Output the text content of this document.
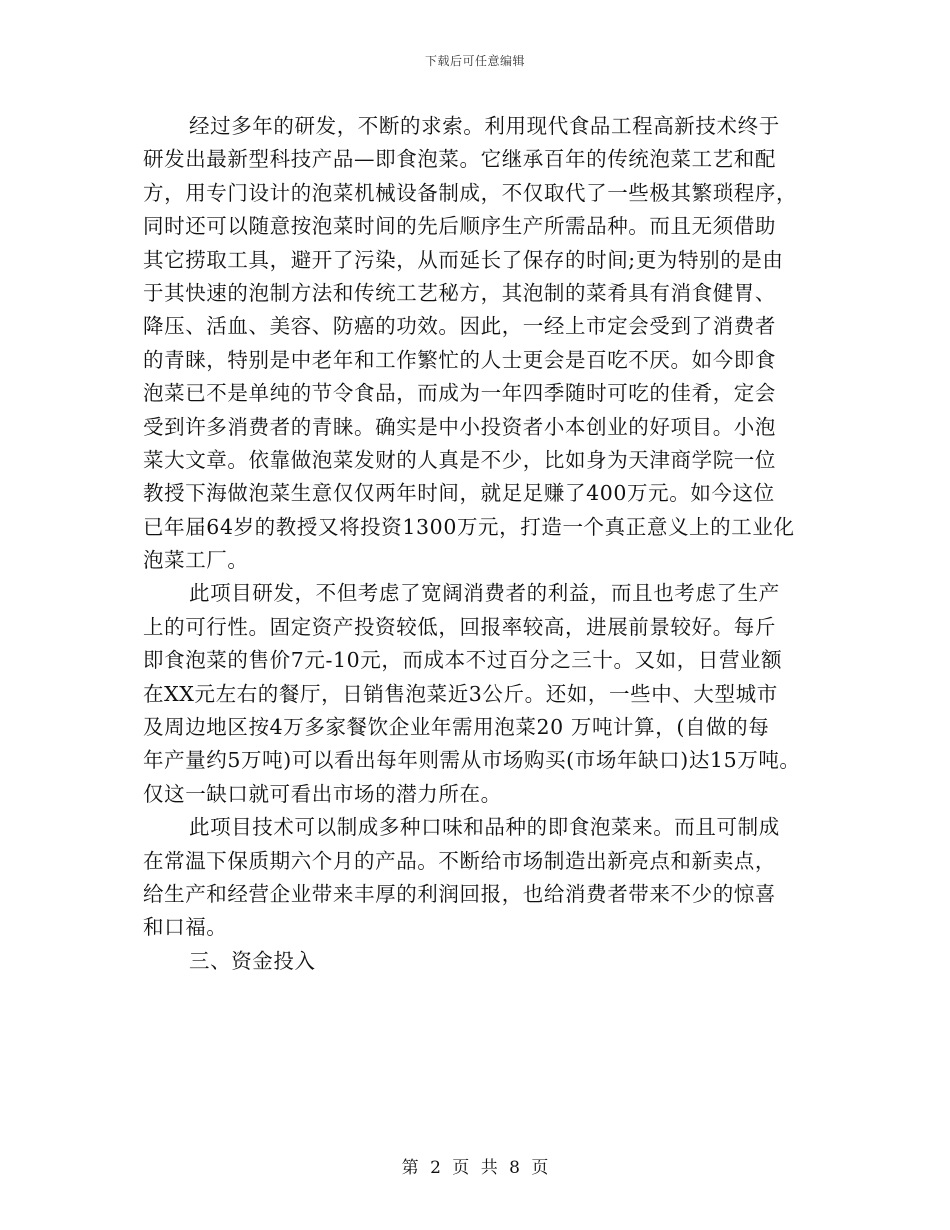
下载后可任意编辑
经过多年的研发，不断的求索。利用现代食品工程高新技术终于
研发出最新型科技产品—即食泡菜。它继承百年的传统泡菜工艺和配
方，用专门设计的泡菜机械设备制成，不仅取代了一些极其繁琐程序，
同时还可以随意按泡菜时间的先后顺序生产所需品种。而且无须借助
其它捞取工具，避开了污染，从而延长了保存的时间;更为特别的是由
于其快速的泡制方法和传统工艺秘方，其泡制的菜肴具有消食健胃、
降压、活血、美容、防癌的功效。因此，一经上市定会受到了消费者
的青睐，特别是中老年和工作繁忙的人士更会是百吃不厌。如今即食
泡菜已不是单纯的节令食品，而成为一年四季随时可吃的佳肴，定会
受到许多消费者的青睐。确实是中小投资者小本创业的好项目。小泡
菜大文章。依靠做泡菜发财的人真是不少，比如身为天津商学院一位
教授下海做泡菜生意仅仅两年时间，就足足赚了400万元。如今这位
已年届64岁的教授又将投资1300万元，打造一个真正意义上的工业化
泡菜工厂。
此项目研发，不但考虑了宽阔消费者的利益，而且也考虑了生产
上的可行性。固定资产投资较低，回报率较高，进展前景较好。每斤
即食泡菜的售价7元-10元，而成本不过百分之三十。又如，日营业额
在XX元左右的餐厅，日销售泡菜近3公斤。还如，一些中、大型城市
及周边地区按4万多家餐饮企业年需用泡菜20 万吨计算，(自做的每
年产量约5万吨)可以看出每年则需从市场购买(市场年缺口)达15万吨。
仅这一缺口就可看出市场的潜力所在。
此项目技术可以制成多种口味和品种的即食泡菜来。而且可制成
在常温下保质期六个月的产品。不断给市场制造出新亮点和新卖点，
给生产和经营企业带来丰厚的利润回报，也给消费者带来不少的惊喜
和口福。
三、资金投入
第 2 页 共 8 页
